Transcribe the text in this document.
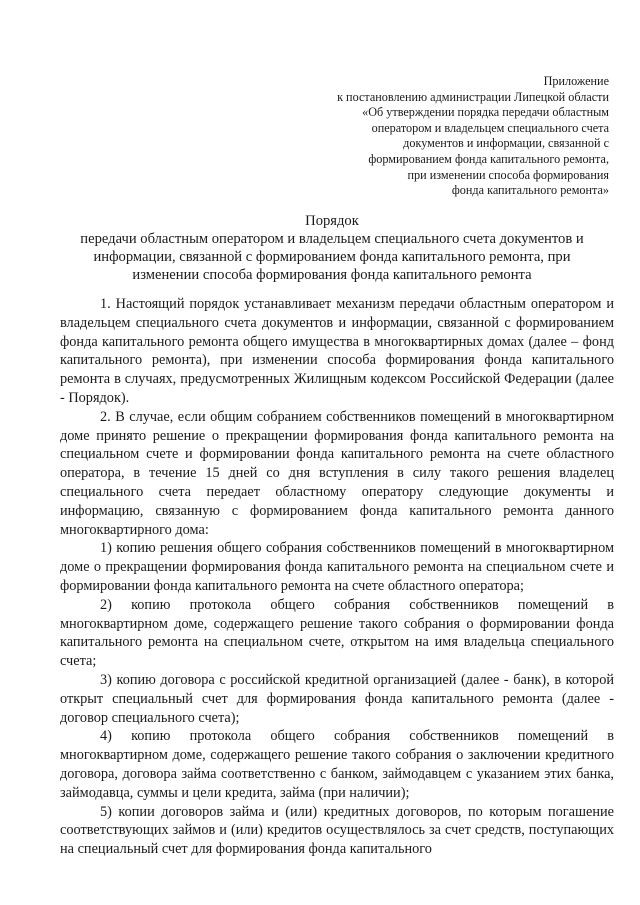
Приложение
к постановлению администрации Липецкой области
«Об утверждении порядка передачи областным
оператором и владельцем специального счета
документов и информации, связанной с
формированием фонда капитального ремонта,
при изменении способа формирования
фонда капитального ремонта»
Порядок
передачи областным оператором и владельцем специального счета документов и
информации, связанной с формированием фонда капитального ремонта, при
изменении способа формирования фонда капитального ремонта

1. Настоящий порядок устанавливает механизм передачи областным оператором и владельцем специального счета документов и информации, связанной с формированием фонда капитального ремонта общего имущества в многоквартирных домах (далее – фонд капитального ремонта), при изменении способа формирования фонда капитального ремонта в случаях, предусмотренных Жилищным кодексом Российской Федерации (далее - Порядок).

2. В случае, если общим собранием собственников помещений в многоквартирном доме принято решение о прекращении формирования фонда капитального ремонта на специальном счете и формировании фонда капитального ремонта на счете областного оператора, в течение 15 дней со дня вступления в силу такого решения владелец специального счета передает областному оператору следующие документы и информацию, связанную с формированием фонда капитального ремонта данного многоквартирного дома:

1) копию решения общего собрания собственников помещений в многоквартирном доме о прекращении формирования фонда капитального ремонта на специальном счете и формировании фонда капитального ремонта на счете областного оператора;

2) копию протокола общего собрания собственников помещений в многоквартирном доме, содержащего решение такого собрания о формировании фонда капитального ремонта на специальном счете, открытом на имя владельца специального счета;

3) копию договора с российской кредитной организацией (далее - банк), в которой открыт специальный счет для формирования фонда капитального ремонта (далее - договор специального счета);

4) копию протокола общего собрания собственников помещений в многоквартирном доме, содержащего решение такого собрания о заключении кредитного договора, договора займа соответственно с банком, займодавцем с указанием этих банка, займодавца, суммы и цели кредита, займа (при наличии);

5) копии договоров займа и (или) кредитных договоров, по которым погашение соответствующих займов и (или) кредитов осуществлялось за счет средств, поступающих на специальный счет для формирования фонда капитального
